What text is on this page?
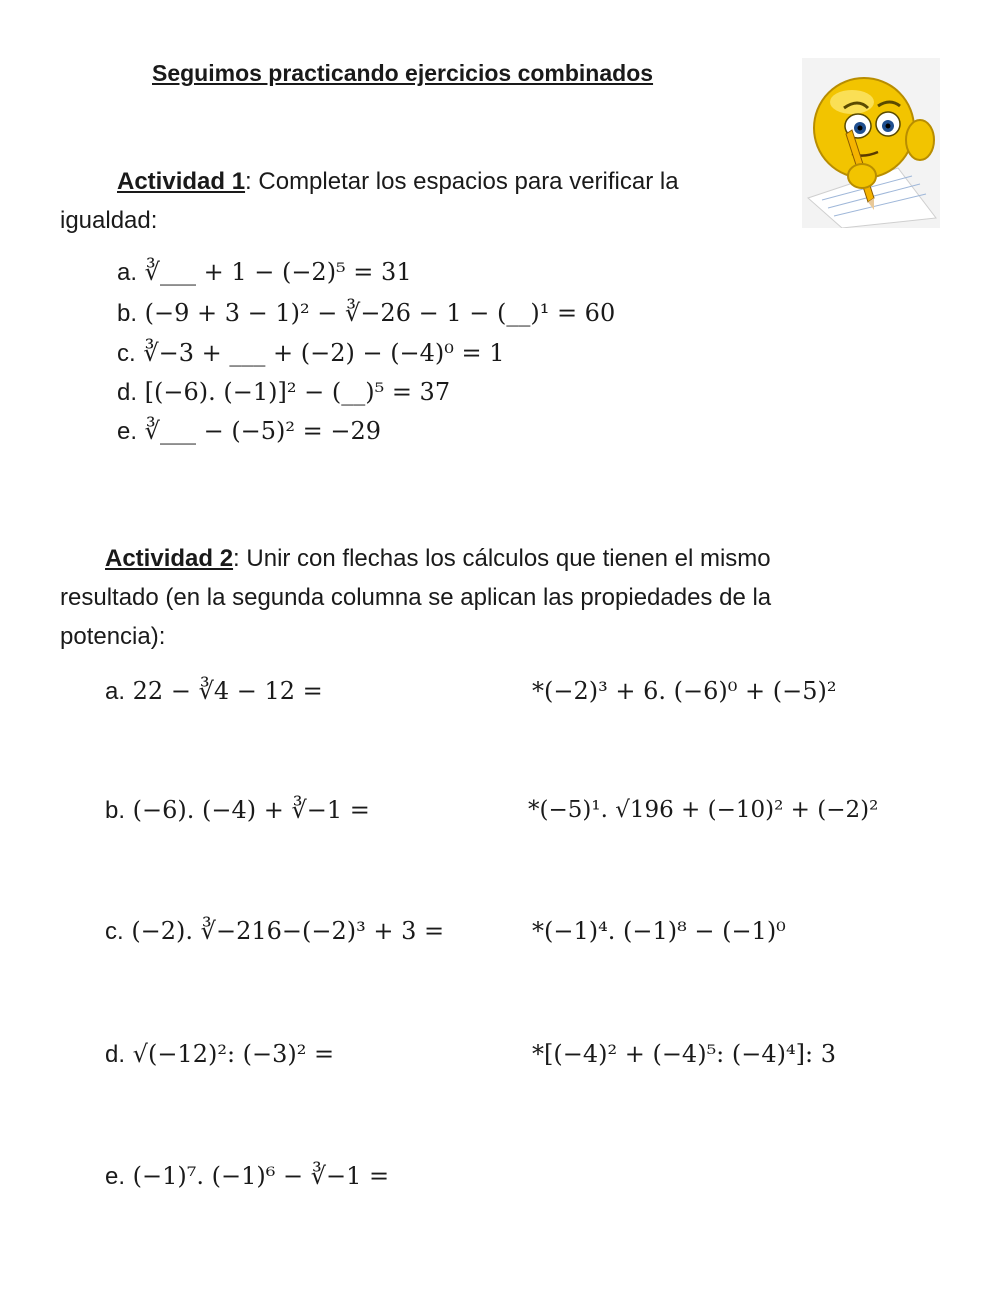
Seguimos practicando ejercicios combinados
Actividad 1: Completar los espacios para verificar la
igualdad:
a. ∛___ + 1 − (−2)⁵ = 31
b. (−9 + 3 − 1)² − ∛−26 − 1 − (__)¹ = 60
c. ∛−3 + ___ + (−2) − (−4)⁰ = 1
d. [(−6). (−1)]² − (__)⁵ = 37
e. ∛___ − (−5)² = −29
Actividad 2: Unir con flechas los cálculos que tienen el mismo
resultado (en la segunda columna se aplican las propiedades de la
potencia):
a. 22 − ∛4 − 12 =
b. (−6). (−4) + ∛−1 =
c. (−2). ∛−216−(−2)³ + 3 =
d. √(−12)²: (−3)² =
e. (−1)⁷. (−1)⁶ − ∛−1 =
*(−2)³ + 6. (−6)⁰ + (−5)²
*(−5)¹. √196 + (−10)² + (−2)²
*(−1)⁴. (−1)⁸ − (−1)⁰
*[(−4)² + (−4)⁵: (−4)⁴]: 3
